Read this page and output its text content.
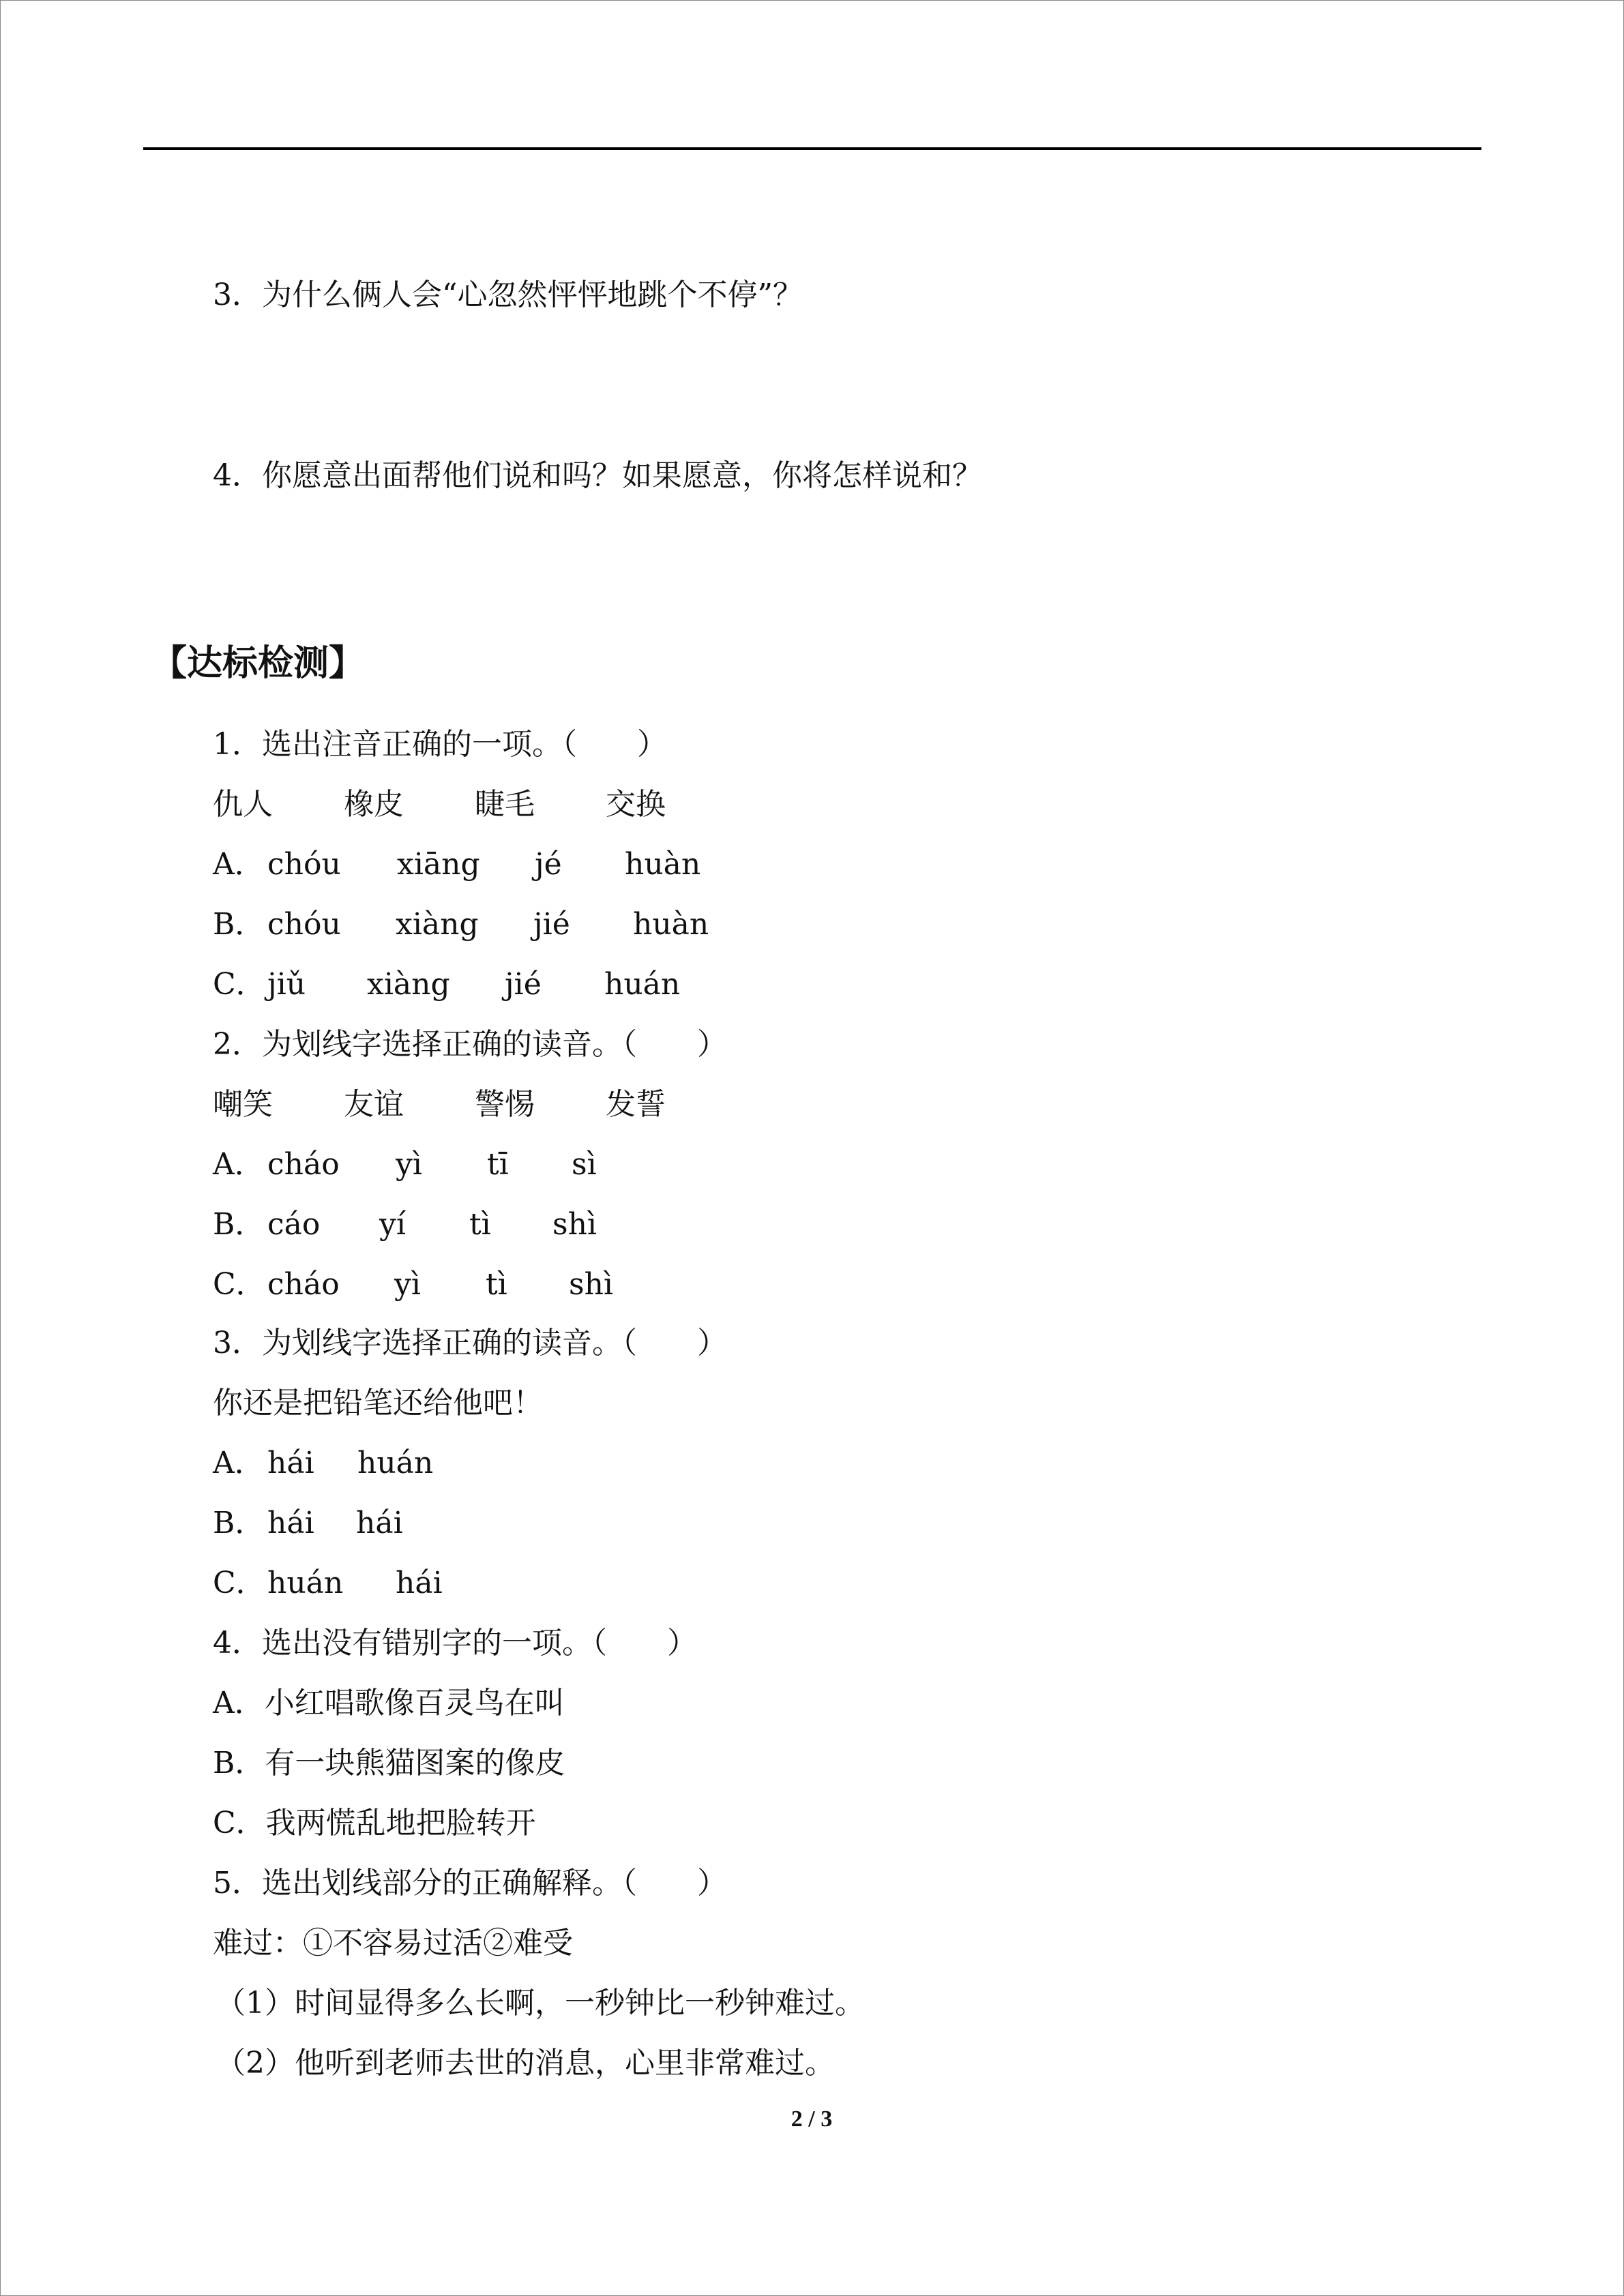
3．为什么俩人会“心忽然怦怦地跳个不停”？
4．你愿意出面帮他们说和吗？如果愿意，你将怎样说和？
【达标检测】
1．选出注音正确的一项。（　　）
仇人 橡皮 睫毛 交换
A． chóu xiāng jé huàn
B． chóu xiàng jié huàn
C． jiǔ xiàng jié huán
2．为划线字选择正确的读音。（　　）
嘲笑 友谊 警惕 发誓
A． cháo yì tī sì
B． cáo yí tì shì
C． cháo yì tì shì
3．为划线字选择正确的读音。（　　）
你还是把铅笔还给他吧！
A． hái huán
B． hái hái
C． huán hái
4．选出没有错别字的一项。（　　）
A．小红唱歌像百灵鸟在叫
B．有一块熊猫图案的像皮
C．我两慌乱地把脸转开
5．选出划线部分的正确解释。（　　）
难过：①不容易过活②难受
（1）时间显得多么长啊，一秒钟比一秒钟难过。
（2）他听到老师去世的消息，心里非常难过。
2 / 3
